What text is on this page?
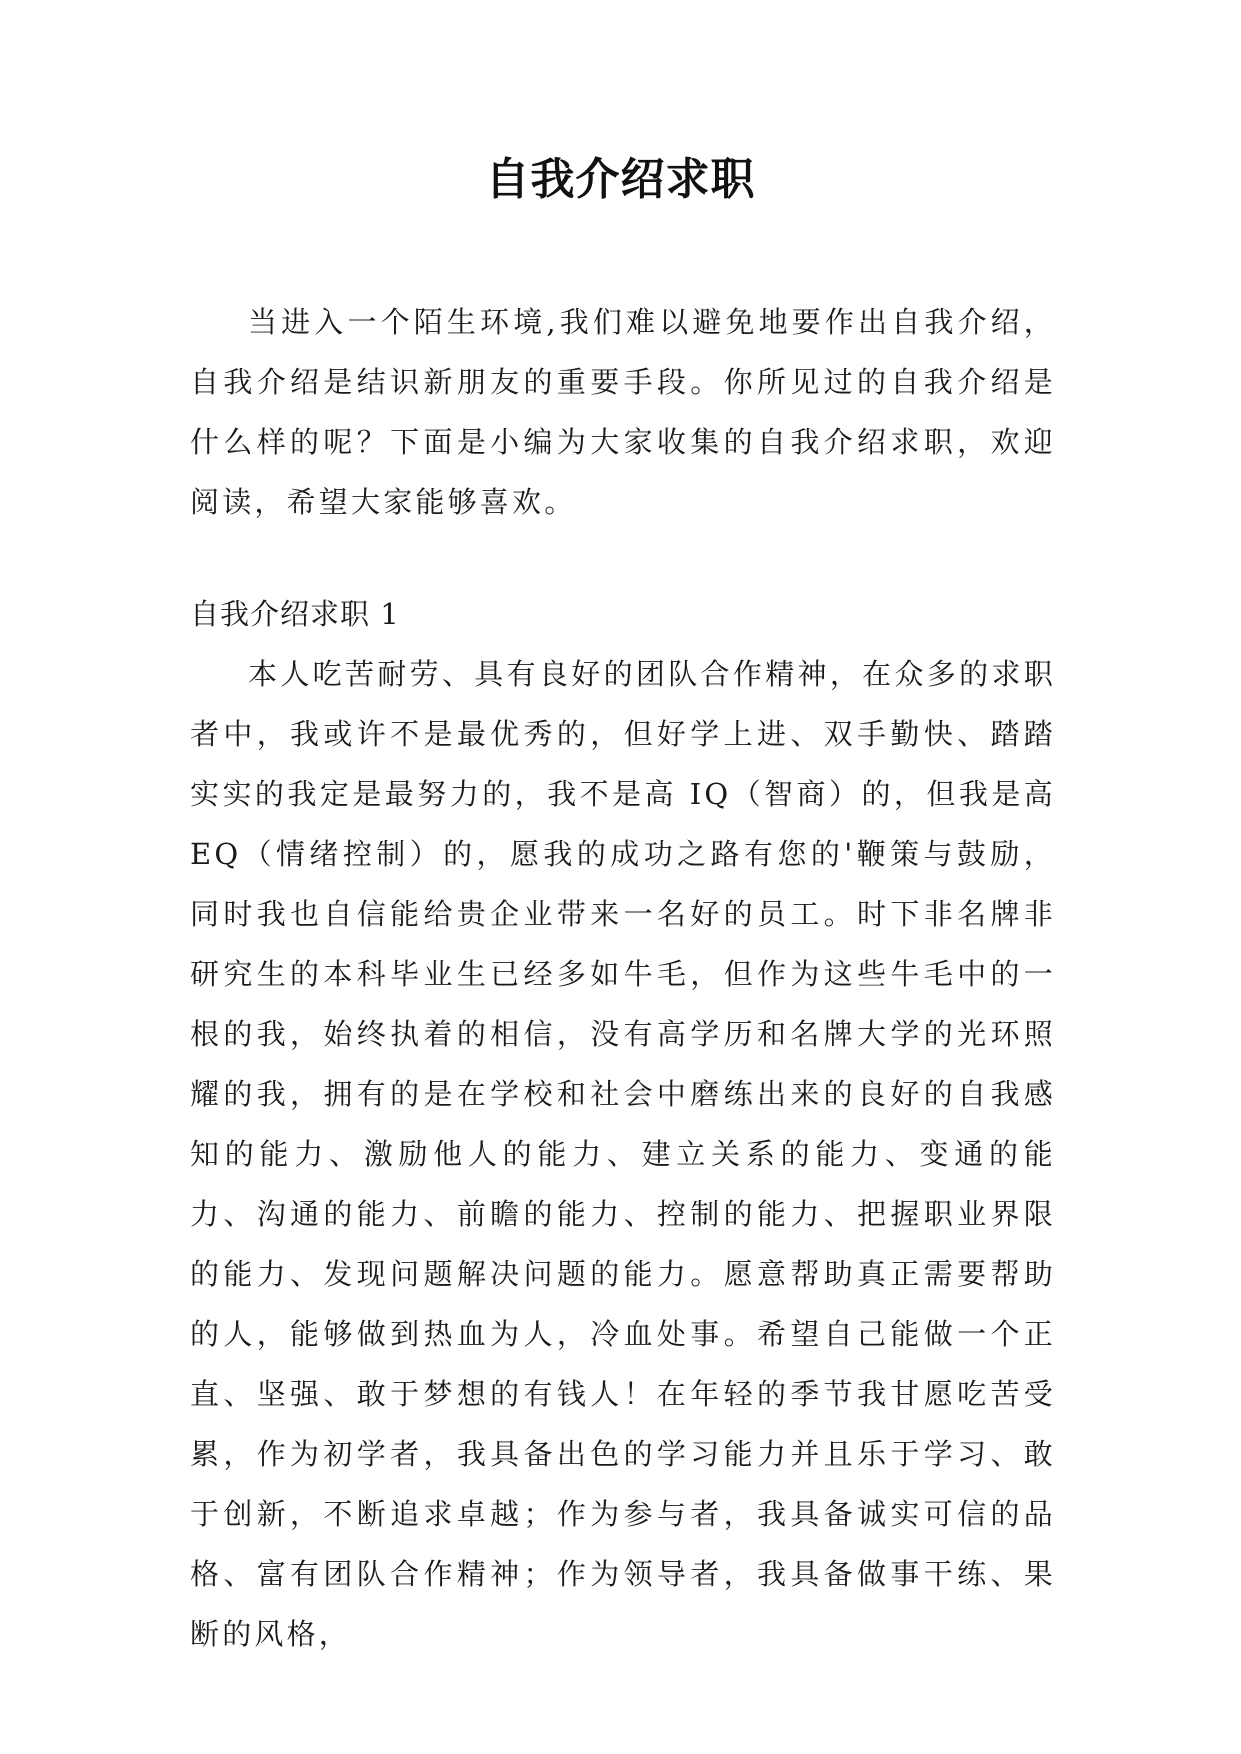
自我介绍求职

当进入一个陌生环境,我们难以避免地要作出自我介绍，自我介绍是结识新朋友的重要手段。你所见过的自我介绍是什么样的呢？下面是小编为大家收集的自我介绍求职，欢迎阅读，希望大家能够喜欢。

自我介绍求职 1

本人吃苦耐劳、具有良好的团队合作精神，在众多的求职者中，我或许不是最优秀的，但好学上进、双手勤快、踏踏实实的我定是最努力的，我不是高 IQ（智商）的，但我是高 EQ（情绪控制）的，愿我的成功之路有您的'鞭策与鼓励，同时我也自信能给贵企业带来一名好的员工。时下非名牌非研究生的本科毕业生已经多如牛毛，但作为这些牛毛中的一根的我，始终执着的相信，没有高学历和名牌大学的光环照耀的我，拥有的是在学校和社会中磨练出来的良好的自我感知的能力、激励他人的能力、建立关系的能力、变通的能力、沟通的能力、前瞻的能力、控制的能力、把握职业界限的能力、发现问题解决问题的能力。愿意帮助真正需要帮助的人，能够做到热血为人，冷血处事。希望自己能做一个正直、坚强、敢于梦想的有钱人！在年轻的季节我甘愿吃苦受累，作为初学者，我具备出色的学习能力并且乐于学习、敢于创新，不断追求卓越；作为参与者，我具备诚实可信的品格、富有团队合作精神；作为领导者，我具备做事干练、果断的风格，
